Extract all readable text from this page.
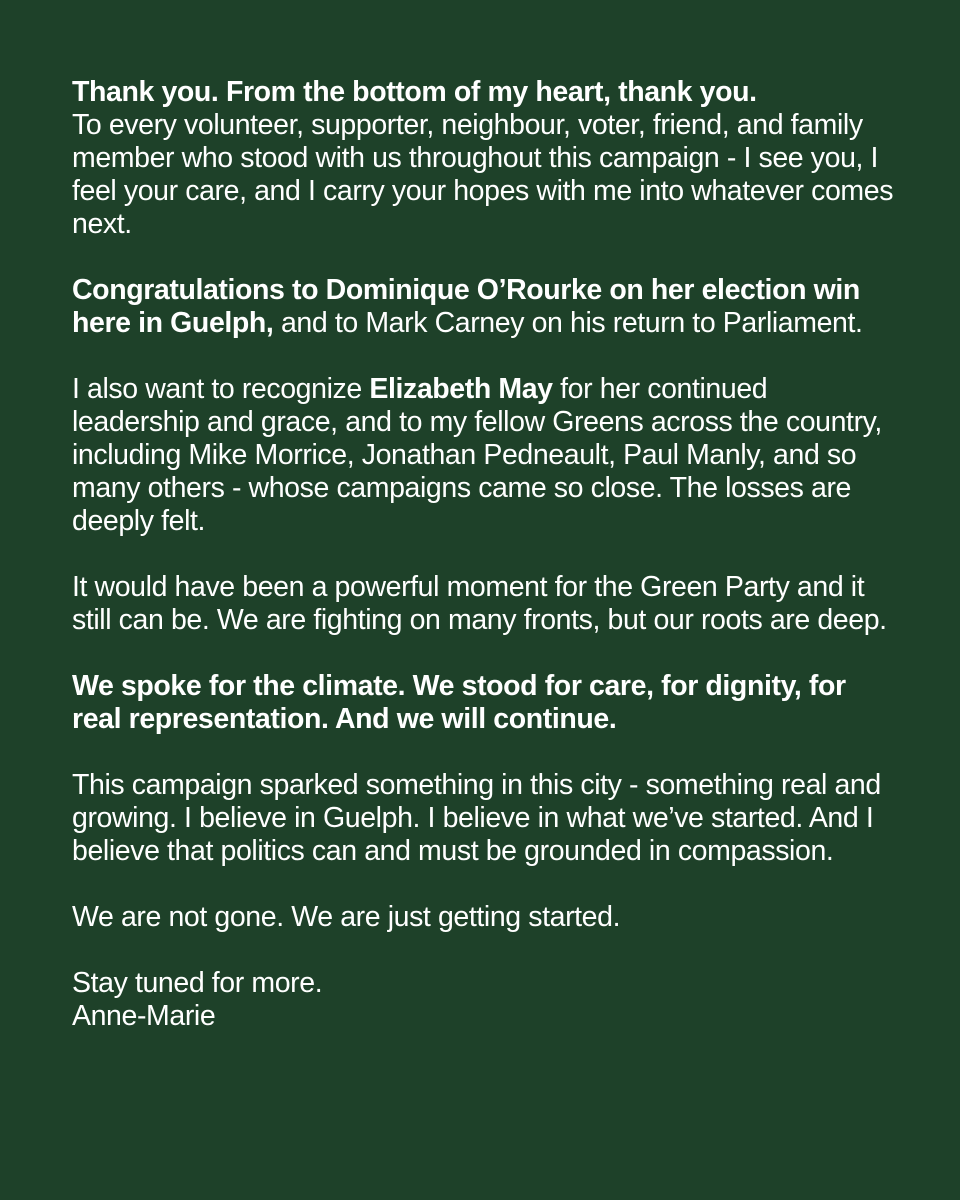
Thank you. From the bottom of my heart, thank you.
To every volunteer, supporter, neighbour, voter, friend, and family member who stood with us throughout this campaign - I see you, I feel your care, and I carry your hopes with me into whatever comes next.

Congratulations to Dominique O’Rourke on her election win here in Guelph, and to Mark Carney on his return to Parliament.

I also want to recognize Elizabeth May for her continued leadership and grace, and to my fellow Greens across the country, including Mike Morrice, Jonathan Pedneault, Paul Manly, and so many others - whose campaigns came so close. The losses are deeply felt.

It would have been a powerful moment for the Green Party and it still can be. We are fighting on many fronts, but our roots are deep.

We spoke for the climate. We stood for care, for dignity, for real representation. And we will continue.

This campaign sparked something in this city - something real and growing. I believe in Guelph. I believe in what we’ve started. And I believe that politics can and must be grounded in compassion.

We are not gone. We are just getting started.

Stay tuned for more.
Anne-Marie
